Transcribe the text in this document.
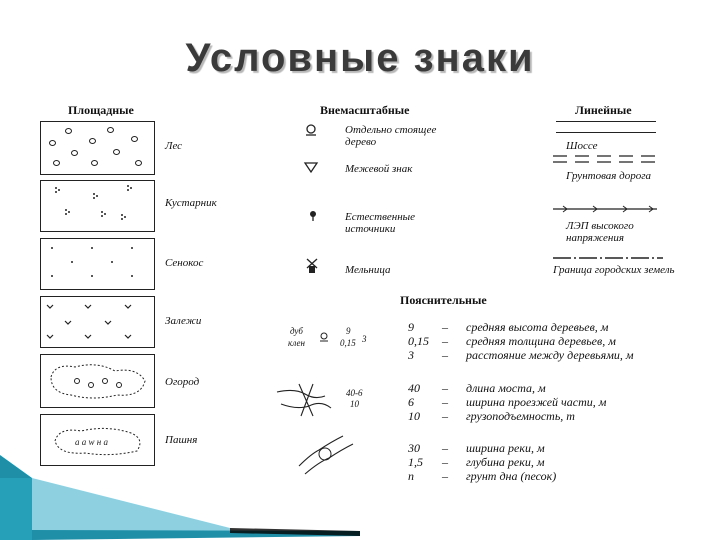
Условные знаки
Площадные
Лес
Кустарник
Сенокос
Залежи
Огород
a a w н a	Пашня
Внемасштабные
Отдельно стоящее дерево
Межевой знак
Естественные источники
Мельница
Линейные
Шоссе
Грунтовая дорога
ЛЭП высокого напряжения
Граница городских земель
Пояснительные
дуб
клен
9
0,15 3
40-6
10
9
0,15
3
–
–
–
средняя высота деревьев, м
средняя толщина деревьев, м
расстояние между деревьями, м
40
6
10
–
–
–
длина моста, м
ширина проезжей части, м
грузоподъемность, т
30
1,5
п
–
–
–
ширина реки, м
глубина реки, м
грунт дна (песок)
